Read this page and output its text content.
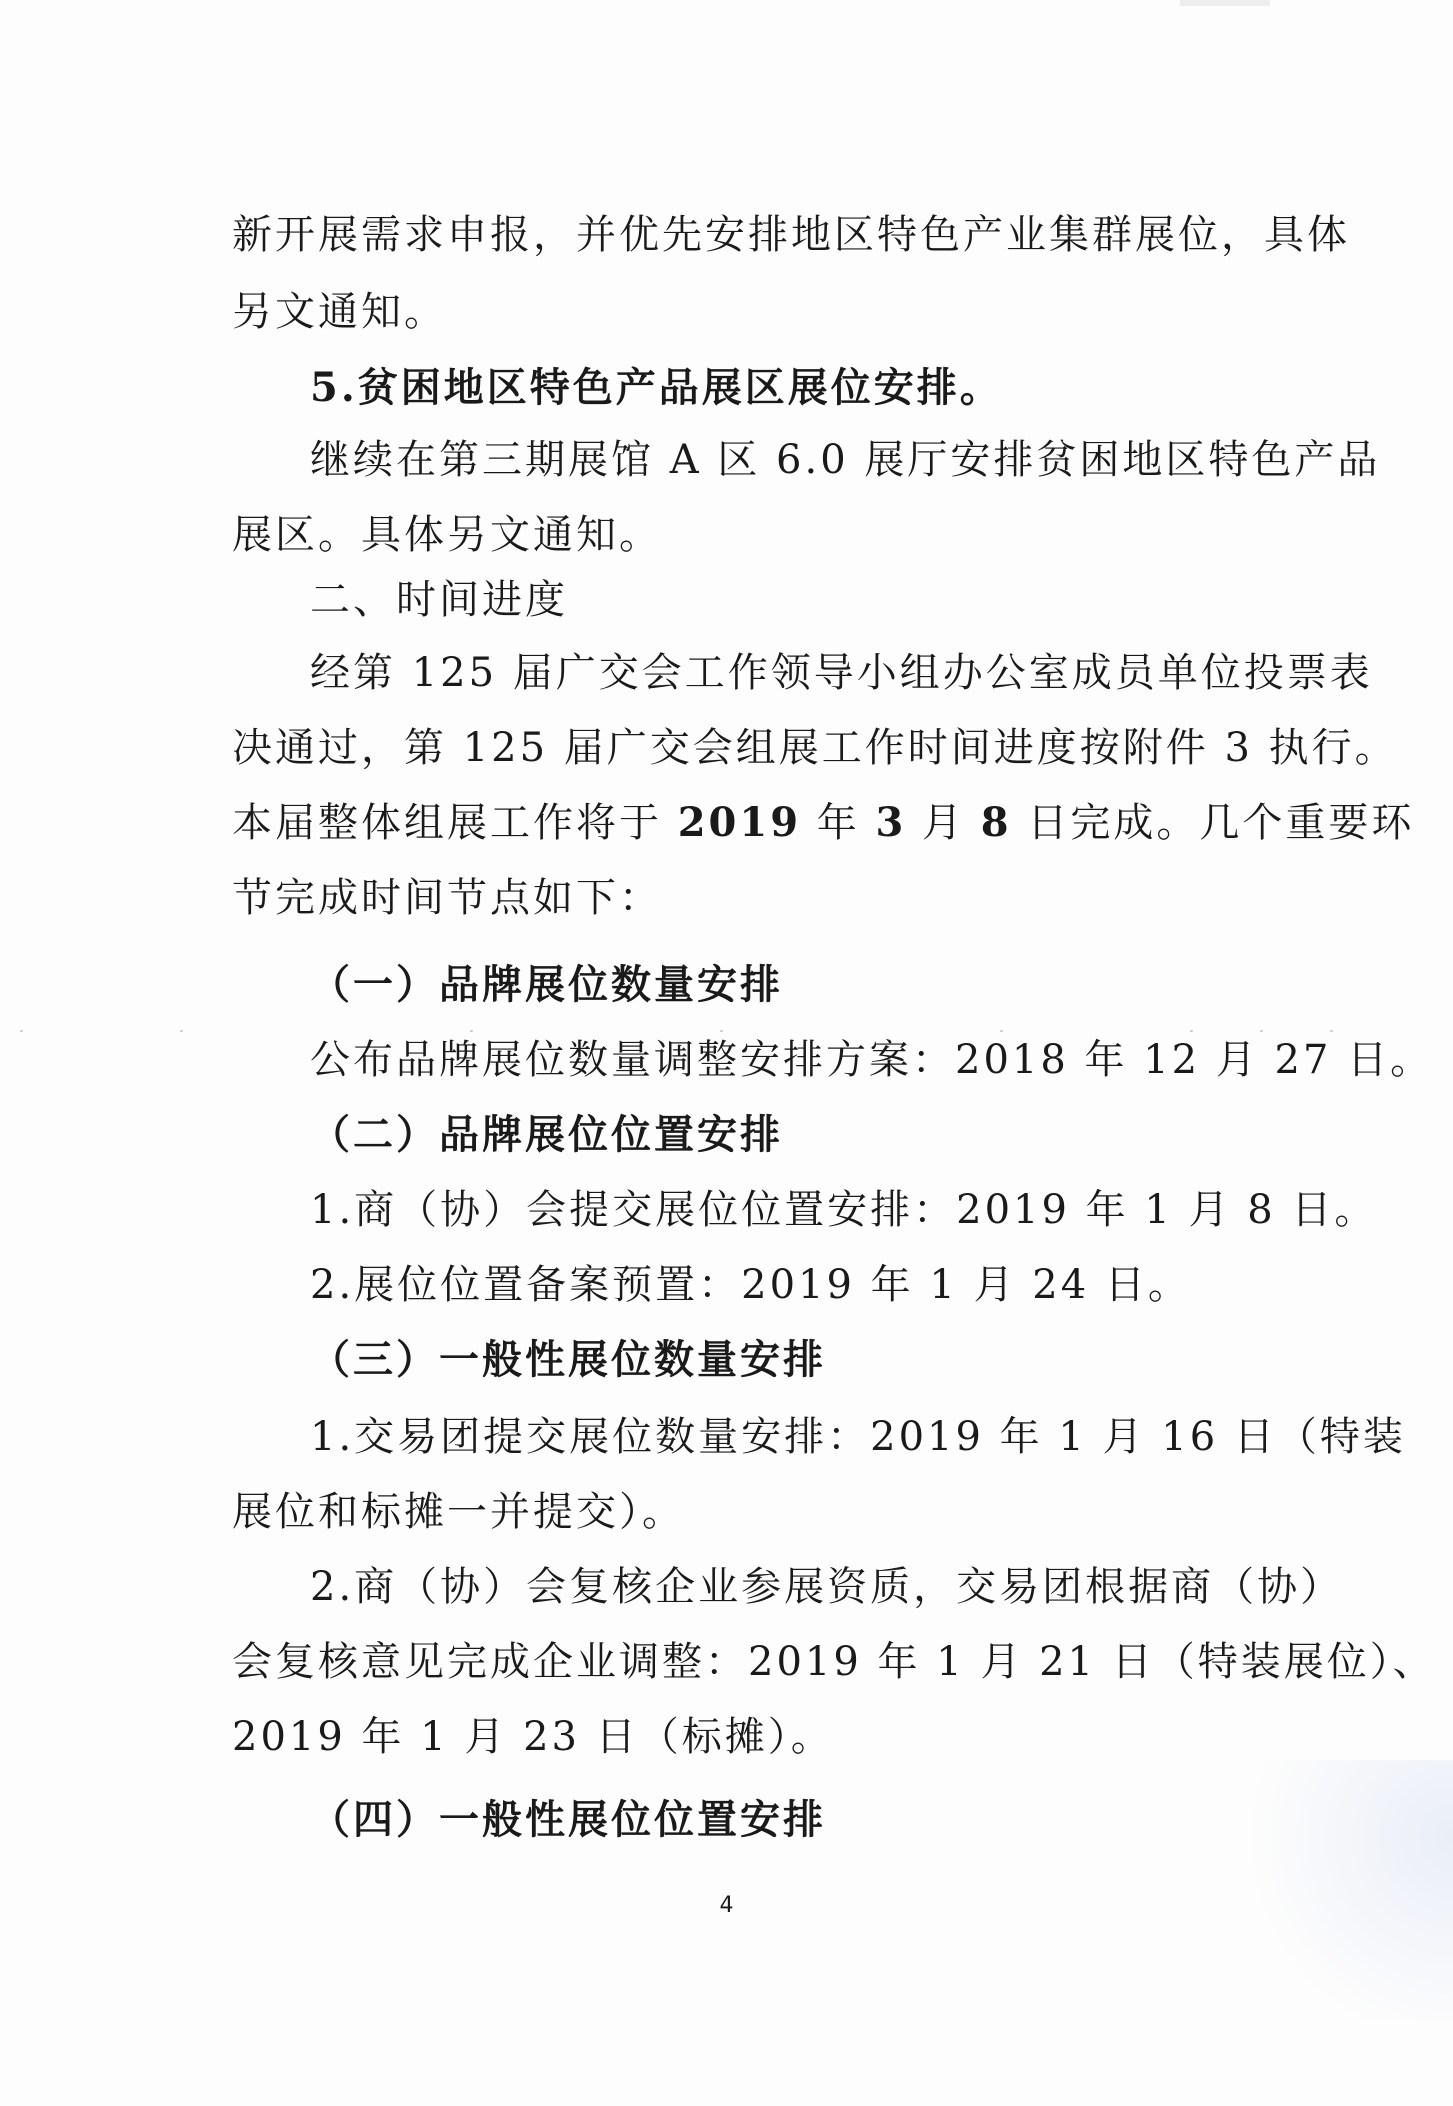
新开展需求申报，并优先安排地区特色产业集群展位，具体
另文通知。
5.贫困地区特色产品展区展位安排。
继续在第三期展馆 A 区 6.0 展厅安排贫困地区特色产品
展区。具体另文通知。
二、时间进度
经第 125 届广交会工作领导小组办公室成员单位投票表
决通过，第 125 届广交会组展工作时间进度按附件 3 执行。
本届整体组展工作将于 2019 年 3 月 8 日完成。几个重要环
节完成时间节点如下：
（一）品牌展位数量安排
公布品牌展位数量调整安排方案：2018 年 12 月 27 日。
（二）品牌展位位置安排
1.商（协）会提交展位位置安排：2019 年 1 月 8 日。
2.展位位置备案预置：2019 年 1 月 24 日。
（三）一般性展位数量安排
1.交易团提交展位数量安排：2019 年 1 月 16 日（特装
展位和标摊一并提交）。
2.商（协）会复核企业参展资质，交易团根据商（协）
会复核意见完成企业调整：2019 年 1 月 21 日（特装展位）、
2019 年 1 月 23 日（标摊）。
（四）一般性展位位置安排
4
